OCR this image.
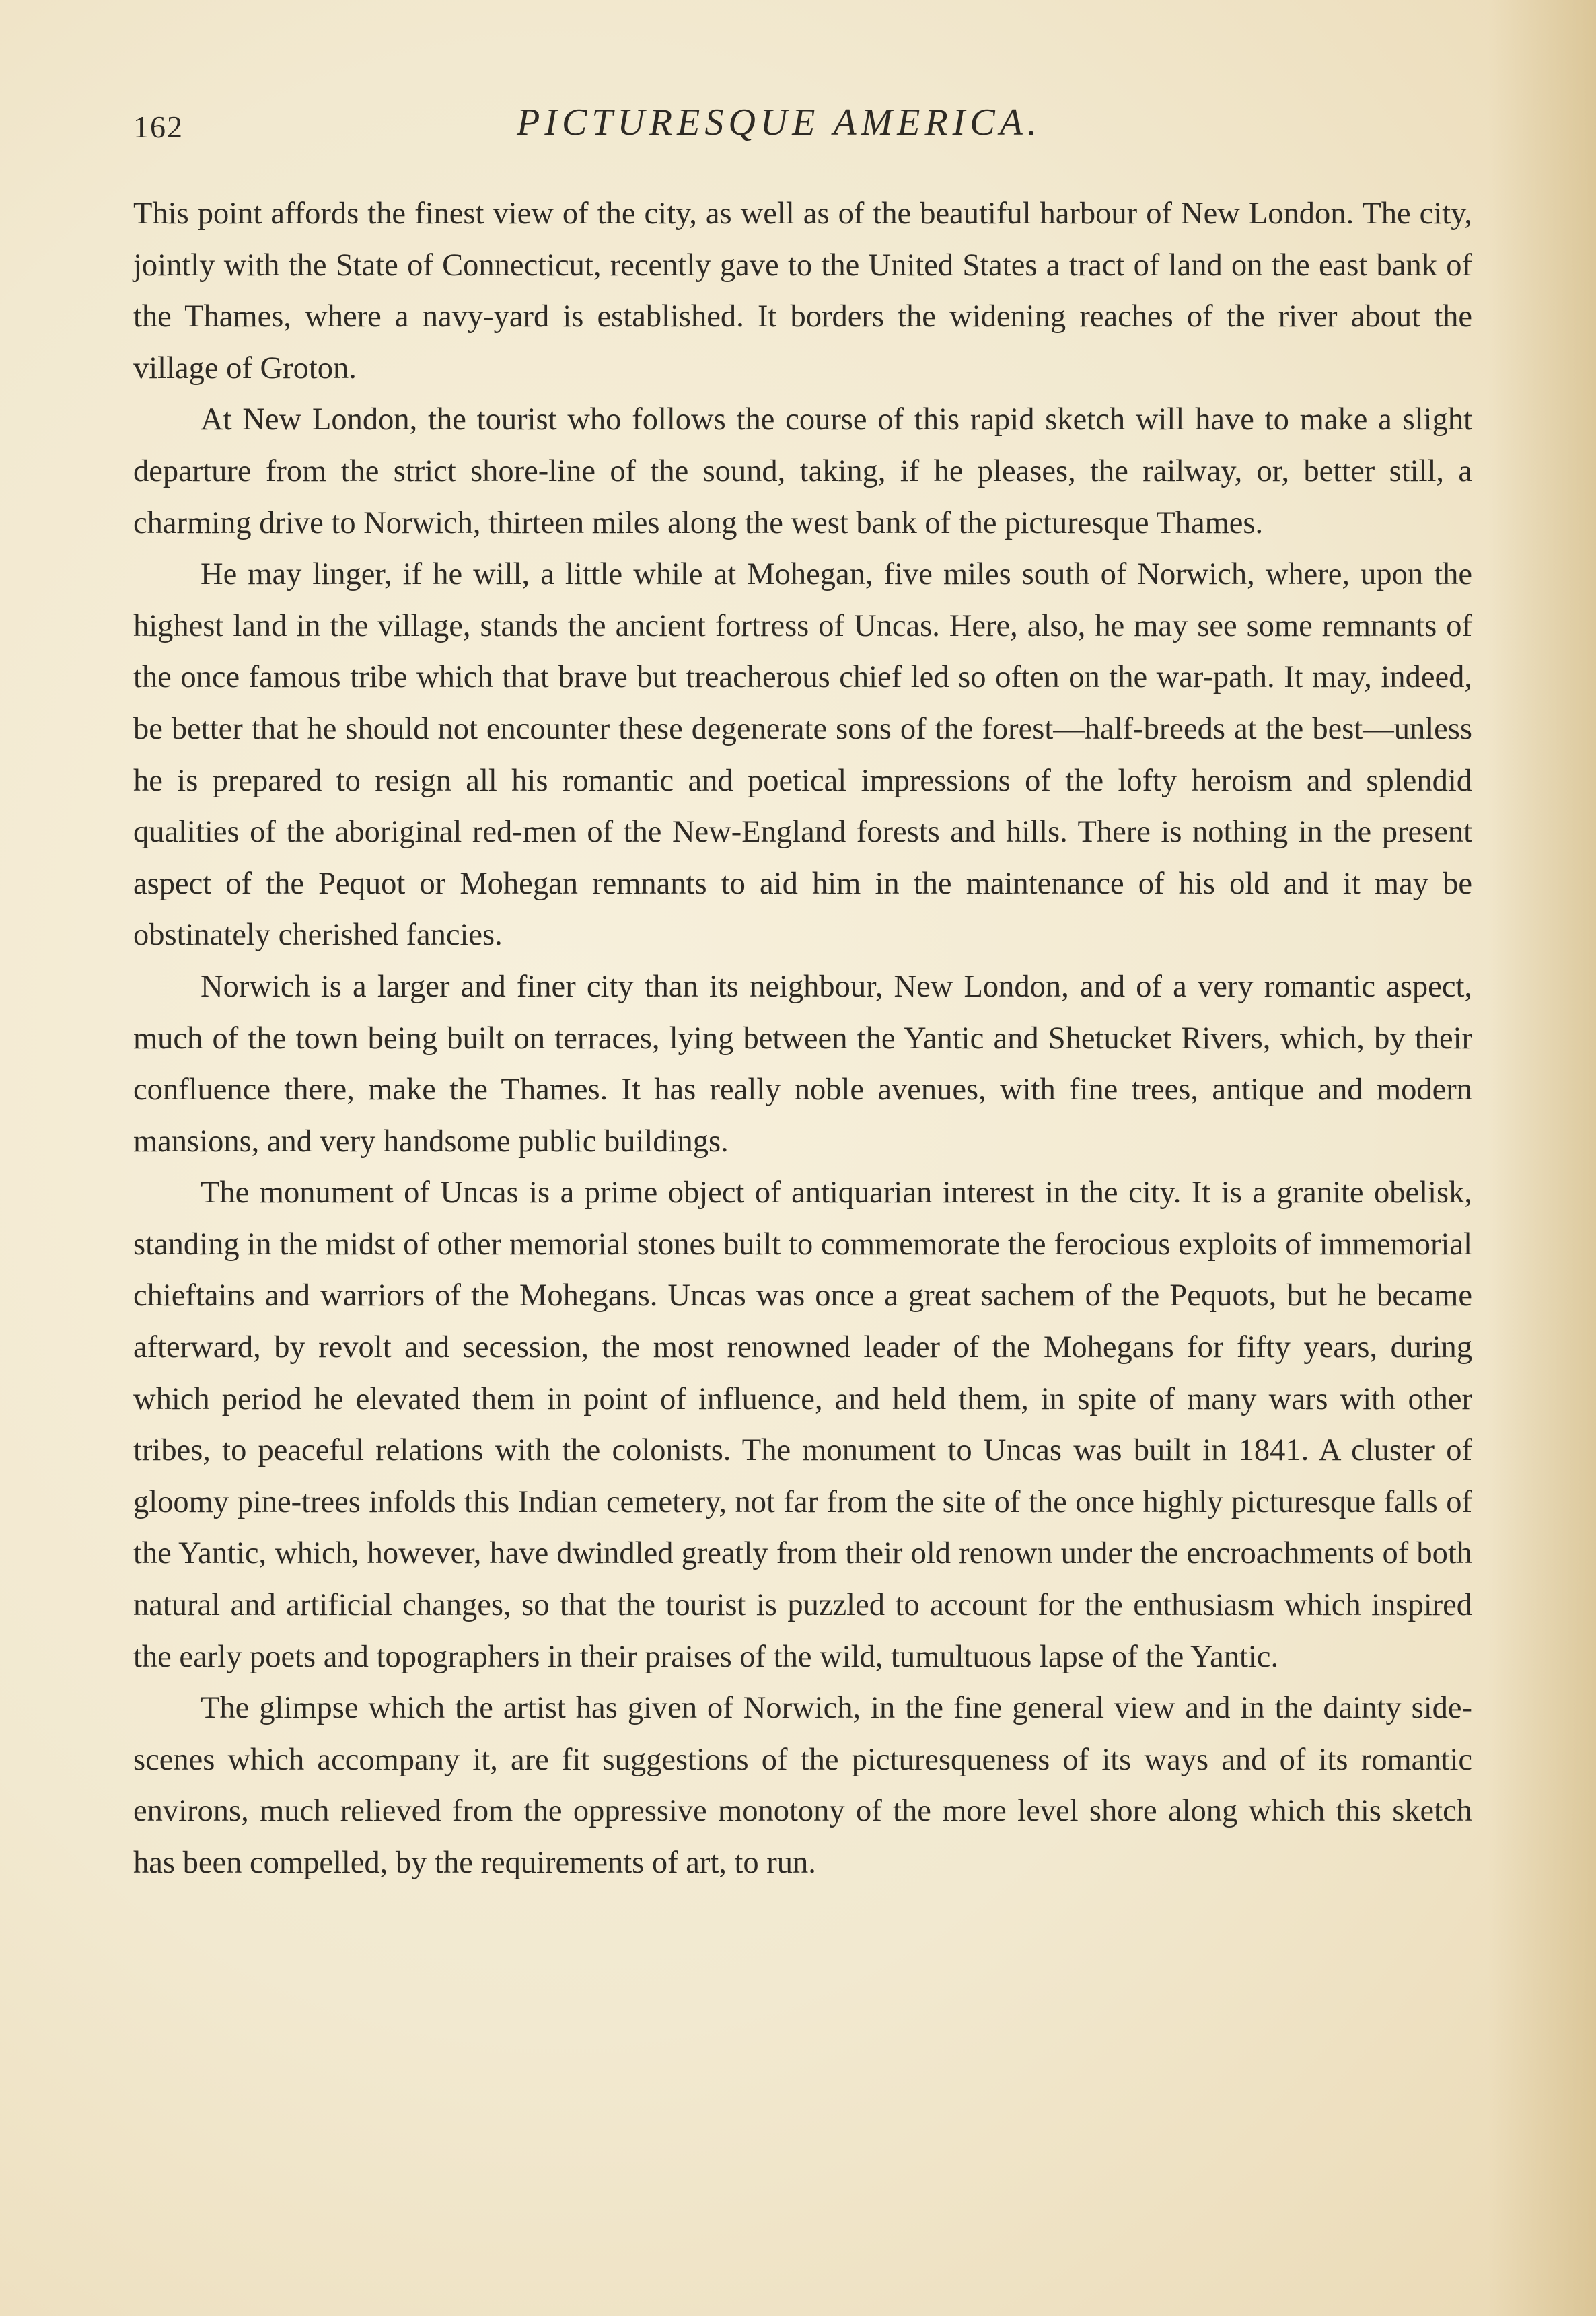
162	PICTURESQUE AMERICA.

This point affords the finest view of the city, as well as of the beautiful harbour of New London. The city, jointly with the State of Connecticut, recently gave to the United States a tract of land on the east bank of the Thames, where a navy-yard is established. It borders the widening reaches of the river about the village of Groton.

At New London, the tourist who follows the course of this rapid sketch will have to make a slight departure from the strict shore-line of the sound, taking, if he pleases, the railway, or, better still, a charming drive to Norwich, thirteen miles along the west bank of the picturesque Thames.

He may linger, if he will, a little while at Mohegan, five miles south of Norwich, where, upon the highest land in the village, stands the ancient fortress of Uncas. Here, also, he may see some remnants of the once famous tribe which that brave but treacherous chief led so often on the war-path. It may, indeed, be better that he should not encounter these degenerate sons of the forest—half-breeds at the best—unless he is prepared to resign all his romantic and poetical impressions of the lofty heroism and splendid qualities of the aboriginal red-men of the New-England forests and hills. There is nothing in the present aspect of the Pequot or Mohegan remnants to aid him in the maintenance of his old and it may be obstinately cherished fancies.

Norwich is a larger and finer city than its neighbour, New London, and of a very romantic aspect, much of the town being built on terraces, lying between the Yantic and Shetucket Rivers, which, by their confluence there, make the Thames. It has really noble avenues, with fine trees, antique and modern mansions, and very handsome public buildings.

The monument of Uncas is a prime object of antiquarian interest in the city. It is a granite obelisk, standing in the midst of other memorial stones built to commemorate the ferocious exploits of immemorial chieftains and warriors of the Mohegans. Uncas was once a great sachem of the Pequots, but he became afterward, by revolt and secession, the most renowned leader of the Mohegans for fifty years, during which period he elevated them in point of influence, and held them, in spite of many wars with other tribes, to peaceful relations with the colonists. The monument to Uncas was built in 1841. A cluster of gloomy pine-trees infolds this Indian cemetery, not far from the site of the once highly picturesque falls of the Yantic, which, however, have dwindled greatly from their old renown under the encroachments of both natural and artificial changes, so that the tourist is puzzled to account for the enthusiasm which inspired the early poets and topographers in their praises of the wild, tumultuous lapse of the Yantic.

The glimpse which the artist has given of Norwich, in the fine general view and in the dainty side-scenes which accompany it, are fit suggestions of the picturesqueness of its ways and of its romantic environs, much relieved from the oppressive monotony of the more level shore along which this sketch has been compelled, by the requirements of art, to run.
